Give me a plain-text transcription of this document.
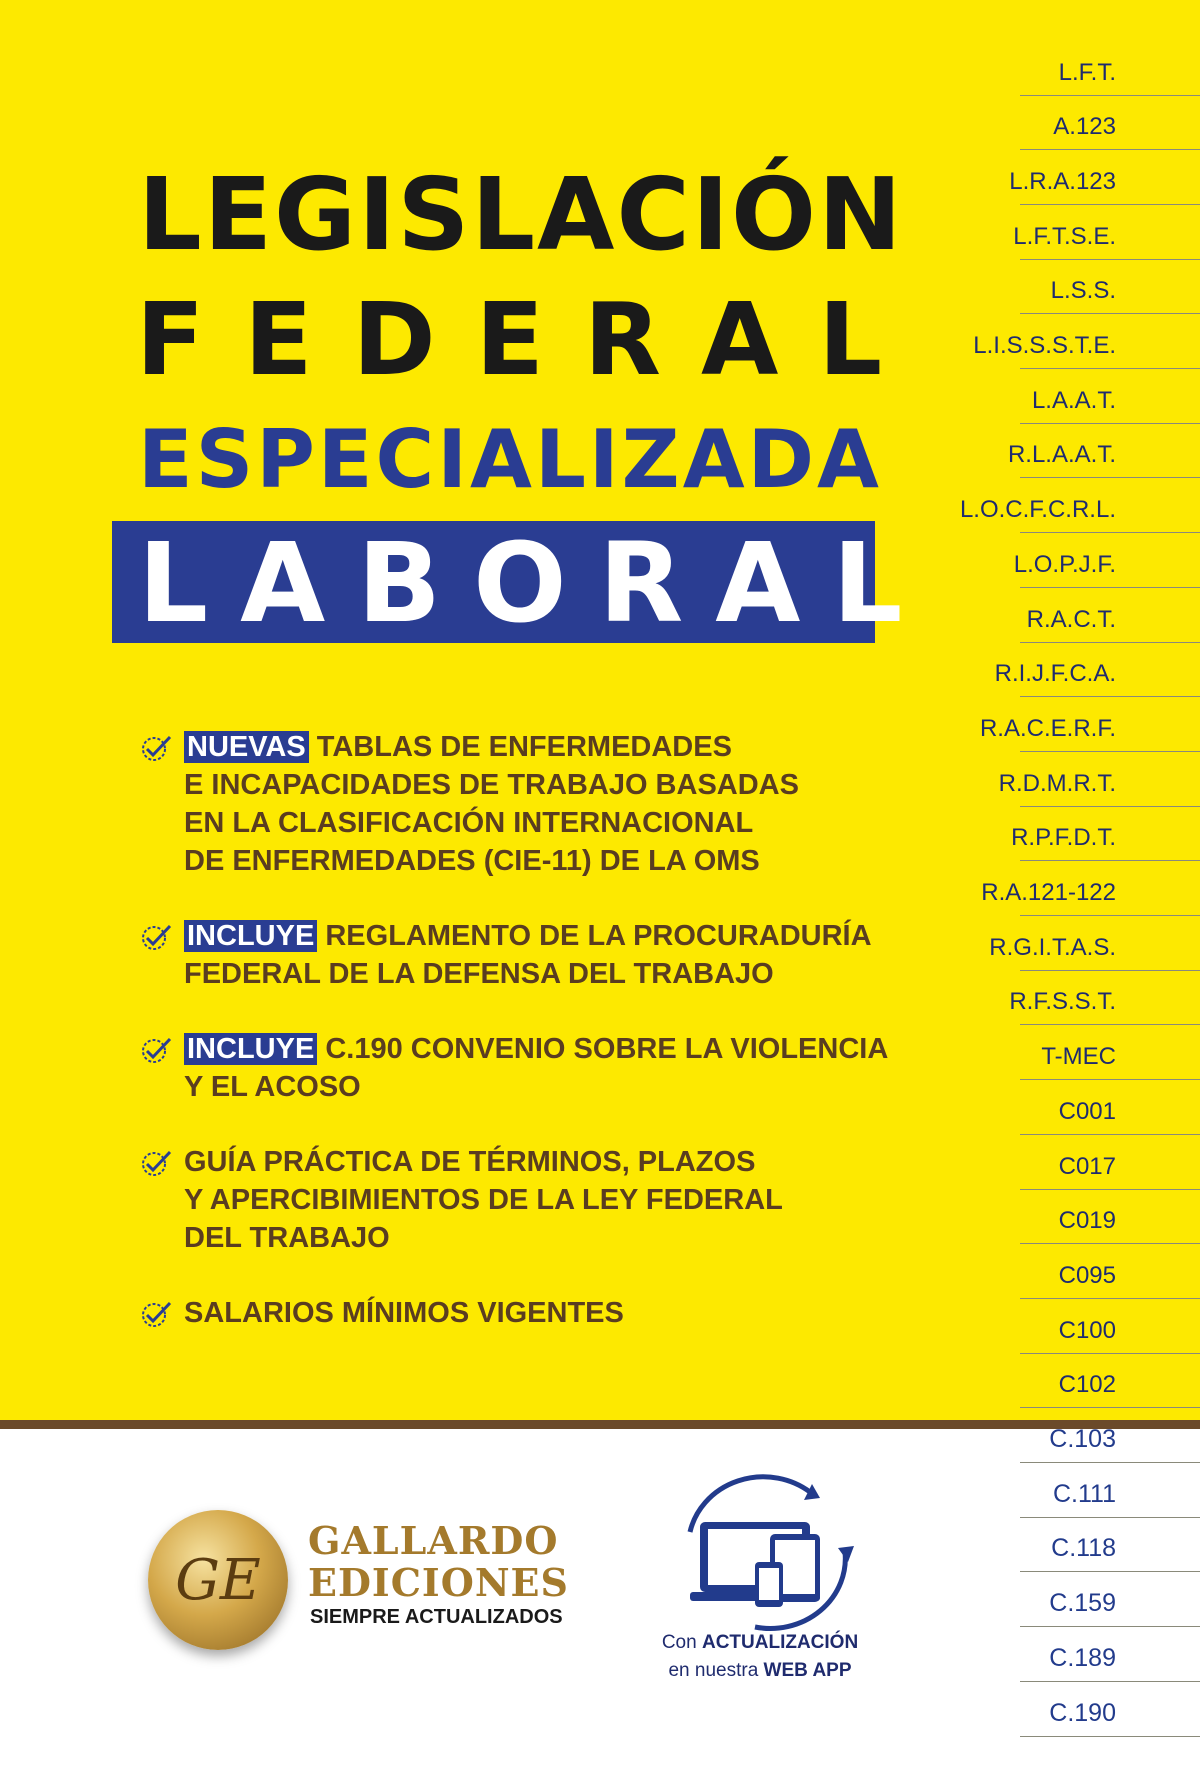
LEGISLACIÓN
FEDERAL
ESPECIALIZADA
LABORAL
NUEVAS TABLAS DE ENFERMEDADES
E INCAPACIDADES DE TRABAJO BASADAS
EN LA CLASIFICACIÓN INTERNACIONAL
DE ENFERMEDADES (CIE-11) DE LA OMS
INCLUYE REGLAMENTO DE LA PROCURADURÍA
FEDERAL DE LA DEFENSA DEL TRABAJO
INCLUYE C.190 CONVENIO SOBRE LA VIOLENCIA
Y EL ACOSO
GUÍA PRÁCTICA DE TÉRMINOS, PLAZOS
Y APERCIBIMIENTOS DE LA LEY FEDERAL
DEL TRABAJO
SALARIOS MÍNIMOS VIGENTES
L.F.T.
A.123
L.R.A.123
L.F.T.S.E.
L.S.S.
L.I.S.S.S.T.E.
L.A.A.T.
R.L.A.A.T.
L.O.C.F.C.R.L.
L.O.P.J.F.
R.A.C.T.
R.I.J.F.C.A.
R.A.C.E.R.F.
R.D.M.R.T.
R.P.F.D.T.
R.A.121-122
R.G.I.T.A.S.
R.F.S.S.T.
T-MEC
C001
C017
C019
C095
C100
C102
C.103
C.111
C.118
C.159
C.189
C.190
GE
GALLARDO
EDICIONES
SIEMPRE ACTUALIZADOS
Con ACTUALIZACIÓN
en nuestra WEB APP
